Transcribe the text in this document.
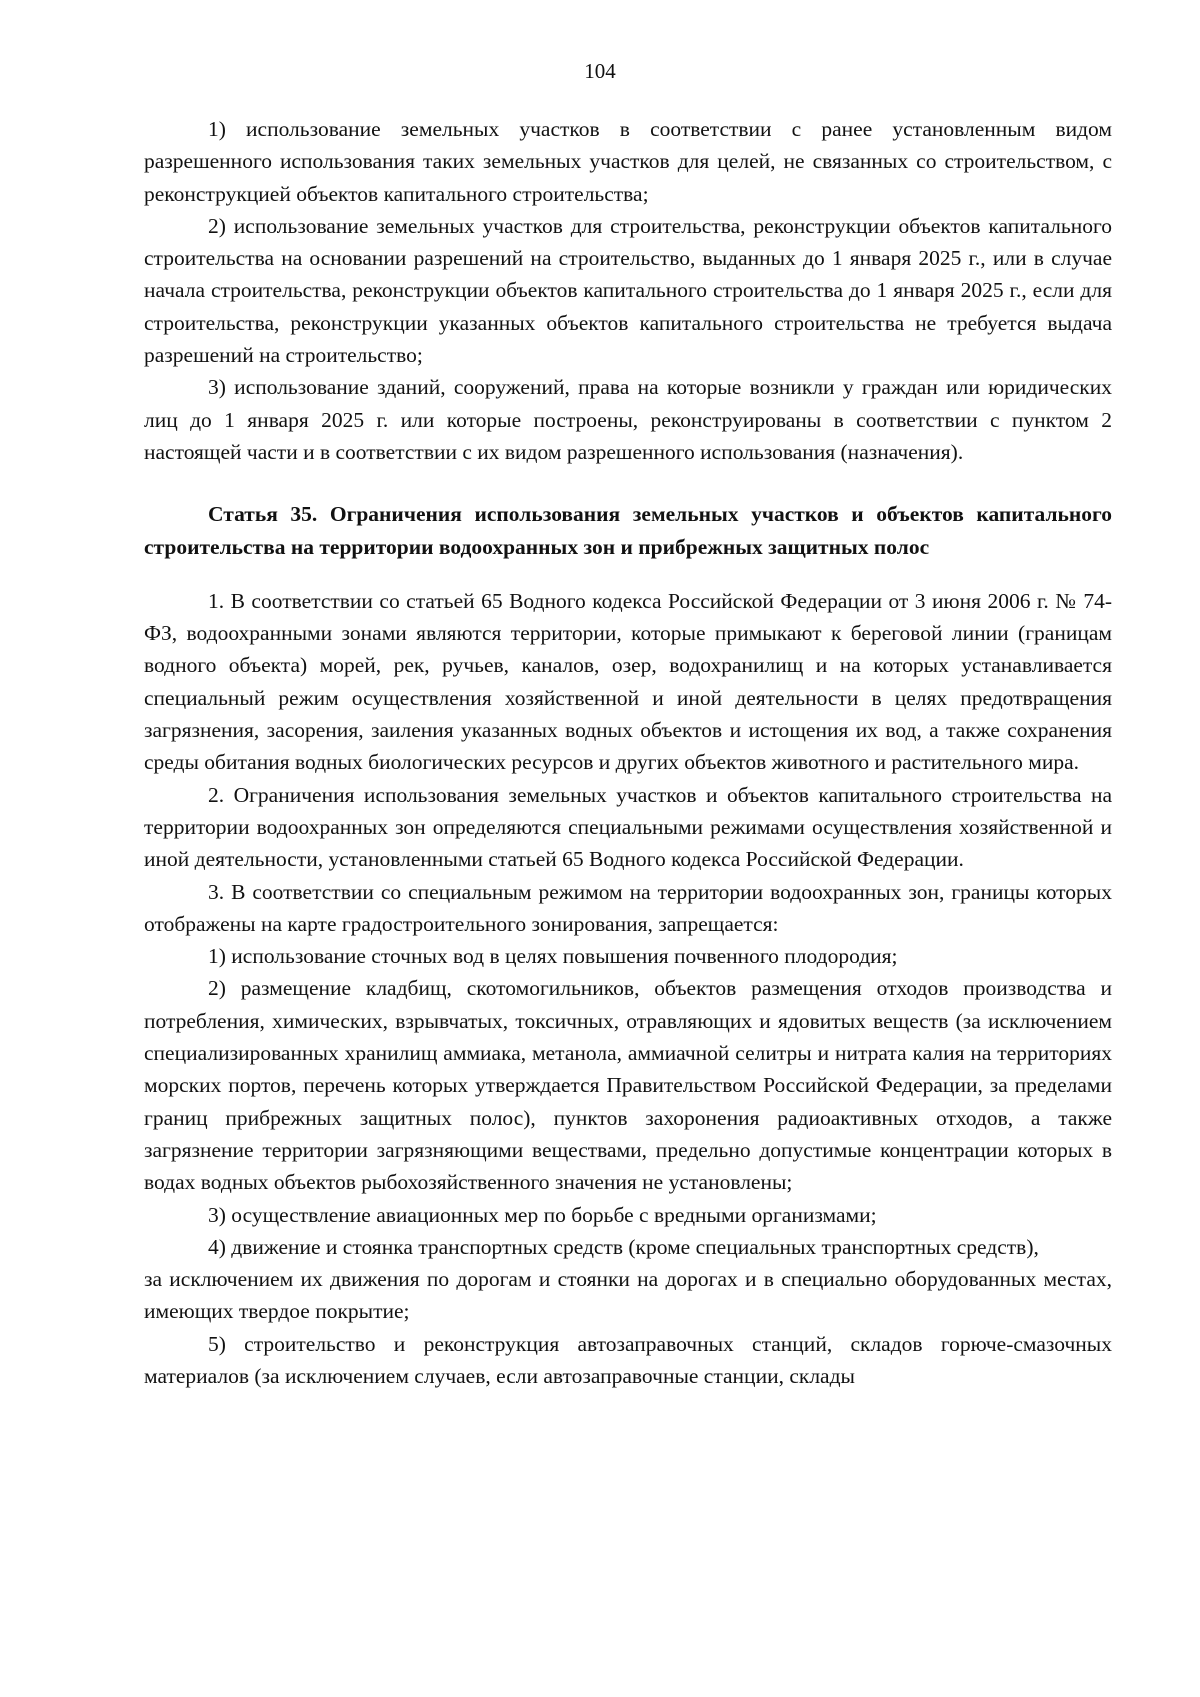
104

1) использование земельных участков в соответствии с ранее установленным видом разрешенного использования таких земельных участков для целей, не связанных со строительством, с реконструкцией объектов капитального строительства;

2) использование земельных участков для строительства, реконструкции объектов капитального строительства на основании разрешений на строительство, выданных до 1 января 2025 г., или в случае начала строительства, реконструкции объектов капитального строительства до 1 января 2025 г., если для строительства, реконструкции указанных объектов капитального строительства не требуется выдача разрешений на строительство;

3) использование зданий, сооружений, права на которые возникли у граждан или юридических лиц до 1 января 2025 г. или которые построены, реконструированы в соответствии с пунктом 2 настоящей части и в соответствии с их видом разрешенного использования (назначения).

Статья 35. Ограничения использования земельных участков и объектов капитального строительства на территории водоохранных зон и прибрежных защитных полос

1. В соответствии со статьей 65 Водного кодекса Российской Федерации от 3 июня 2006 г. № 74-ФЗ, водоохранными зонами являются территории, которые примыкают к береговой линии (границам водного объекта) морей, рек, ручьев, каналов, озер, водохранилищ и на которых устанавливается специальный режим осуществления хозяйственной и иной деятельности в целях предотвращения загрязнения, засорения, заиления указанных водных объектов и истощения их вод, а также сохранения среды обитания водных биологических ресурсов и других объектов животного и растительного мира.

2. Ограничения использования земельных участков и объектов капитального строительства на территории водоохранных зон определяются специальными режимами осуществления хозяйственной и иной деятельности, установленными статьей 65 Водного кодекса Российской Федерации.

3. В соответствии со специальным режимом на территории водоохранных зон, границы которых отображены на карте градостроительного зонирования, запрещается:

1) использование сточных вод в целях повышения почвенного плодородия;

2) размещение кладбищ, скотомогильников, объектов размещения отходов производства и потребления, химических, взрывчатых, токсичных, отравляющих и ядовитых веществ (за исключением специализированных хранилищ аммиака, метанола, аммиачной селитры и нитрата калия на территориях морских портов, перечень которых утверждается Правительством Российской Федерации, за пределами границ прибрежных защитных полос), пунктов захоронения радиоактивных отходов, а также загрязнение территории загрязняющими веществами, предельно допустимые концентрации которых в водах водных объектов рыбохозяйственного значения не установлены;

3) осуществление авиационных мер по борьбе с вредными организмами;

4) движение и стоянка транспортных средств (кроме специальных транспортных средств),

за исключением их движения по дорогам и стоянки на дорогах и в специально оборудованных местах, имеющих твердое покрытие;

5) строительство и реконструкция автозаправочных станций, складов горюче-смазочных материалов (за исключением случаев, если автозаправочные станции, склады
